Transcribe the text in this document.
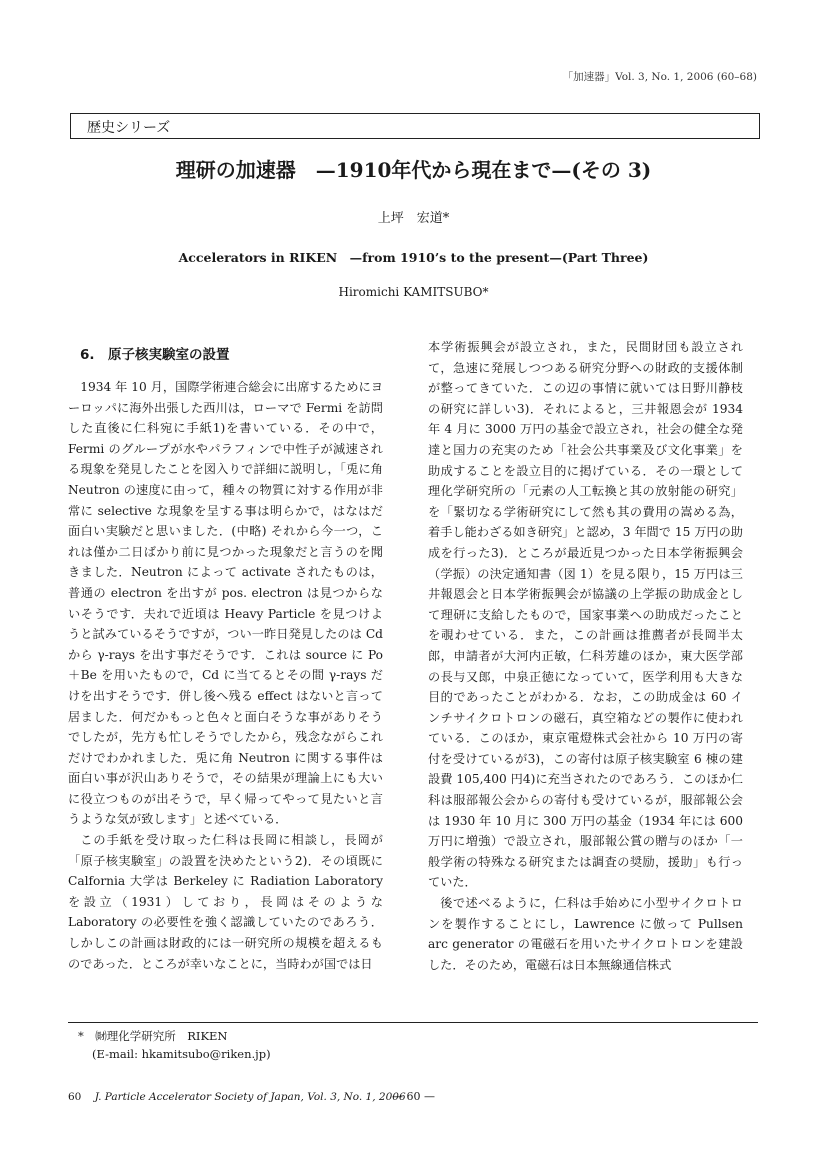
「加速器」Vol. 3, No. 1, 2006 (60–68)
歴史シリーズ
理研の加速器　—1910年代から現在まで—(その 3)
上坪　宏道*
Accelerators in RIKEN　—from 1910’s to the present—(Part Three)
Hiromichi KAMITSUBO*
6.　原子核実験室の設置

1934 年 10 月，国際学術連合総会に出席するためにヨーロッパに海外出張した西川は，ローマで Fermi を訪問した直後に仁科宛に手紙1)を書いている．その中で，Fermi のグループが水やパラフィンで中性子が減速される現象を発見したことを図入りで詳細に説明し，「兎に角 Neutron の速度に由って，種々の物質に対する作用が非常に selective な現象を呈する事は明らかで，はなはだ面白い実験だと思いました．(中略) それから今一つ，これは僅か二日ばかり前に見つかった現象だと言うのを聞きました．Neutron によって activate されたものは，普通の electron を出すが pos. electron は見つからないそうです．夫れで近頃は Heavy Particle を見つけようと試みているそうですが，つい一昨日発見したのは Cd から γ-rays を出す事だそうです．これは source に Po＋Be を用いたもので，Cd に当てるとその間 γ-rays だけを出すそうです．併し後へ残る effect はないと言って居ました．何だかもっと色々と面白そうな事がありそうでしたが，先方も忙しそうでしたから，残念ながらこれだけでわかれました．兎に角 Neutron に関する事件は面白い事が沢山ありそうで，その結果が理論上にも大いに役立つものが出そうで，早く帰ってやって見たいと言うような気が致します」と述べている．

この手紙を受け取った仁科は長岡に相談し，長岡が「原子核実験室」の設置を決めたという2)．その頃既に Calfornia 大学は Berkeley に Radiation Laboratory を設立（1931）しており，長岡はそのような Laboratory の必要性を強く認識していたのであろう．しかしこの計画は財政的には一研究所の規模を超えるものであった．ところが幸いなことに，当時わが国では日

本学術振興会が設立され，また，民間財団も設立されて，急速に発展しつつある研究分野への財政的支援体制が整ってきていた．この辺の事情に就いては日野川静枝の研究に詳しい3)．それによると，三井報恩会が 1934 年 4 月に 3000 万円の基金で設立され，社会の健全な発達と国力の充実のため「社会公共事業及び文化事業」を助成することを設立目的に掲げている．その一環として理化学研究所の「元素の人工転換と其の放射能の研究」を「緊切なる学術研究にして然も其の費用の嵩める為，着手し能わざる如き研究」と認め，3 年間で 15 万円の助成を行った3)．ところが最近見つかった日本学術振興会（学振）の決定通知書（図 1）を見る限り，15 万円は三井報恩会と日本学術振興会が協議の上学振の助成金として理研に支給したもので，国家事業への助成だったことを覗わせている．また，この計画は推薦者が長岡半太郎，申請者が大河内正敏，仁科芳雄のほか，東大医学部の長与又郎，中泉正徳になっていて，医学利用も大きな目的であったことがわかる．なお，この助成金は 60 インチサイクロトロンの磁石，真空箱などの製作に使われている．このほか，東京電燈株式会社から 10 万円の寄付を受けているが3)，この寄付は原子核実験室 6 棟の建設費 105,400 円4)に充当されたのであろう．このほか仁科は服部報公会からの寄付も受けているが，服部報公会は 1930 年 10 月に 300 万円の基金（1934 年には 600 万円に増強）で設立され，服部報公賞の贈与のほか「一般学術の特殊なる研究または調査の奨励，援助」も行っていた．

後で述べるように，仁科は手始めに小型サイクロトロンを製作することにし，Lawrence に倣って Pullsen arc generator の電磁石を用いたサイクロトロンを建設した．そのため，電磁石は日本無線通信株式

*　㈶理化学研究所　RIKEN
(E-mail: hkamitsubo@riken.jp)
60 J. Particle Accelerator Society of Japan, Vol. 3, No. 1, 2006
— 60 —
